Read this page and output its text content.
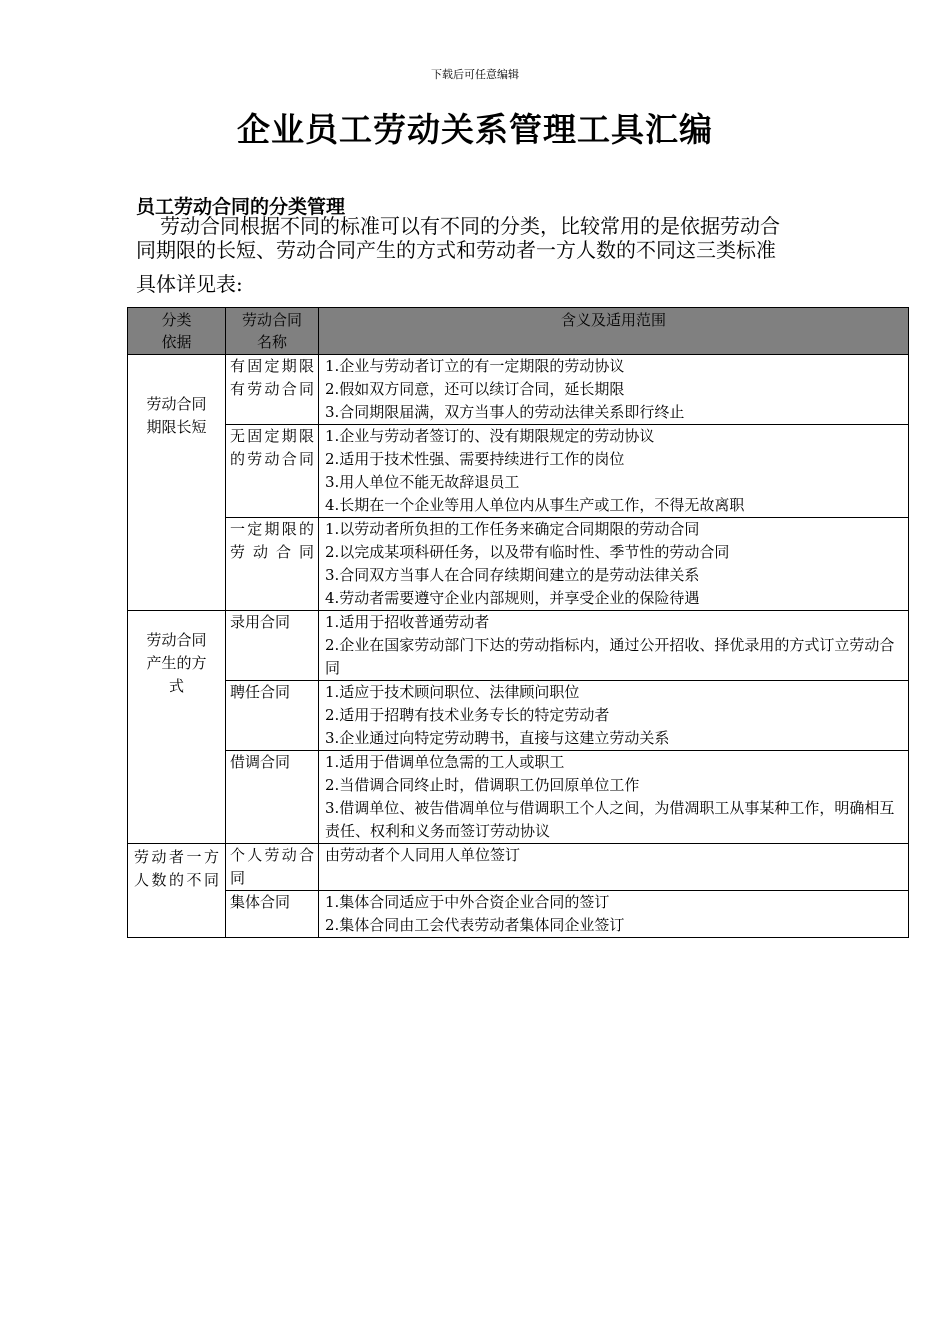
下载后可任意编辑
企业员工劳动关系管理工具汇编
员工劳动合同的分类管理

劳动合同根据不同的标准可以有不同的分类，比较常用的是依据劳动合

同期限的长短、劳动合同产生的方式和劳动者一方人数的不同这三类标准

具体详见表:

分类依据	劳动合同名称	含义及适用范围
劳动合同期限长短	有固定期限有劳动合同	1.企业与劳动者订立的有一定期限的劳动协议
2.假如双方同意，还可以续订合同，延长期限
3.合同期限届满，双方当事人的劳动法律关系即行终止

	无固定期限的劳动合同	1.企业与劳动者签订的、没有期限规定的劳动协议
2.适用于技术性强、需要持续进行工作的岗位
3.用人单位不能无故辞退员工
4.长期在一个企业等用人单位内从事生产或工作，不得无故离职

	一定期限的劳动合同	1.以劳动者所负担的工作任务来确定合同期限的劳动合同
2.以完成某项科研任务，以及带有临时性、季节性的劳动合同
3.合同双方当事人在合同存续期间建立的是劳动法律关系
4.劳动者需要遵守企业内部规则，并享受企业的保险待遇

劳动合同产生的方式	录用合同	1.适用于招收普通劳动者
2.企业在国家劳动部门下达的劳动指标内，通过公开招收、择优录用的方式订立劳动合同

	聘任合同	1.适应于技术顾问职位、法律顾问职位
2.适用于招聘有技术业务专长的特定劳动者
3.企业通过向特定劳动聘书，直接与这建立劳动关系

	借调合同	1.适用于借调单位急需的工人或职工
2.当借调合同终止时，借调职工仍回原单位工作
3.借调单位、被告借凋单位与借调职工个人之间，为借凋职工从事某种工作，明确相互责任、权利和义务而签订劳动协议

劳动者一方人数的不同	个人劳动合同	由劳动者个人同用人单位签订

	集体合同	1.集体合同适应于中外合资企业合同的签订
2.集体合同由工会代表劳动者集体同企业签订
